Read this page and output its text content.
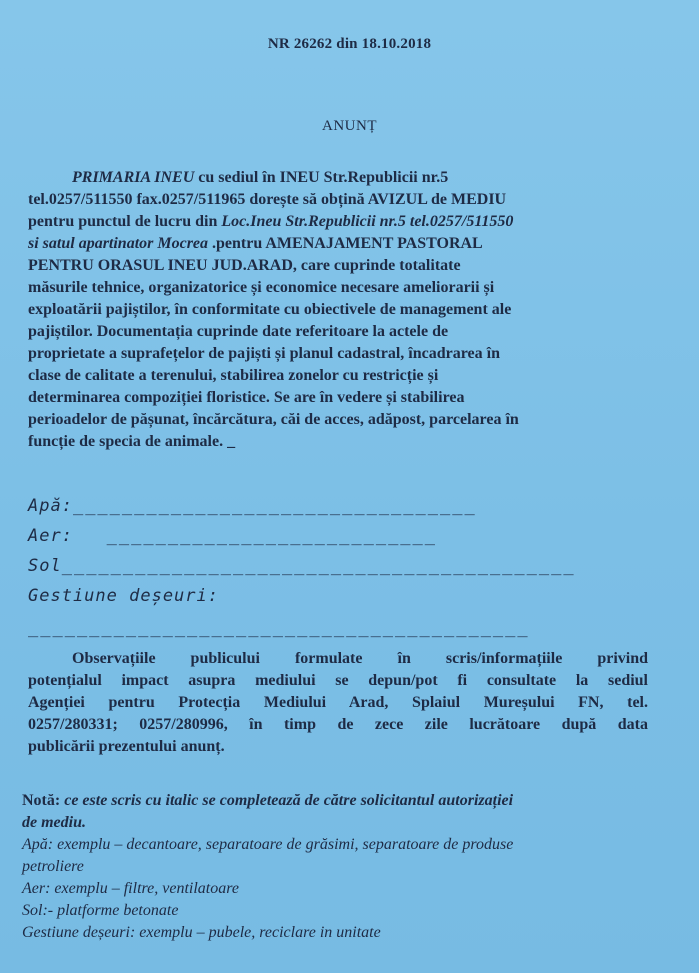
NR 26262 din 18.10.2018
ANUNȚ
PRIMARIA INEU cu sediul în INEU Str.Republicii nr.5
tel.0257/511550 fax.0257/511965 dorește să obțină AVIZUL de MEDIU
pentru punctul de lucru din Loc.Ineu Str.Republicii nr.5 tel.0257/511550
si satul apartinator Mocrea .pentru AMENAJAMENT PASTORAL
PENTRU ORASUL INEU JUD.ARAD, care cuprinde totalitate
măsurile tehnice, organizatorice și economice necesare ameliorarii și
exploatării pajiștilor, în conformitate cu obiectivele de management ale
pajiștilor. Documentația cuprinde date referitoare la actele de
proprietate a suprafețelor de pajiști și planul cadastral, încadrarea în
clase de calitate a terenului, stabilirea zonelor cu restricție și
determinarea compoziției floristice. Se are în vedere și stabilirea
perioadelor de pășunat, încărcătura, căi de acces, adăpost, parcelarea în
funcție de specia de animale. _
Apă:_________________________________
Aer: ___________________________
Sol__________________________________________
Gestiune deșeuri:
_________________________________________
Observațiile publicului formulate în scris/informațiile privind
potențialul impact asupra mediului se depun/pot fi consultate la sediul
Agenției pentru Protecția Mediului Arad, Splaiul Mureșului FN, tel.
0257/280331; 0257/280996, în timp de zece zile lucrătoare după data
publicării prezentului anunț.
Notă: ce este scris cu italic se completează de către solicitantul autorizației
de mediu.
Apă: exemplu – decantoare, separatoare de grăsimi, separatoare de produse
petroliere
Aer: exemplu – filtre, ventilatoare
Sol:- platforme betonate
Gestiune deșeuri: exemplu – pubele, reciclare in unitate
